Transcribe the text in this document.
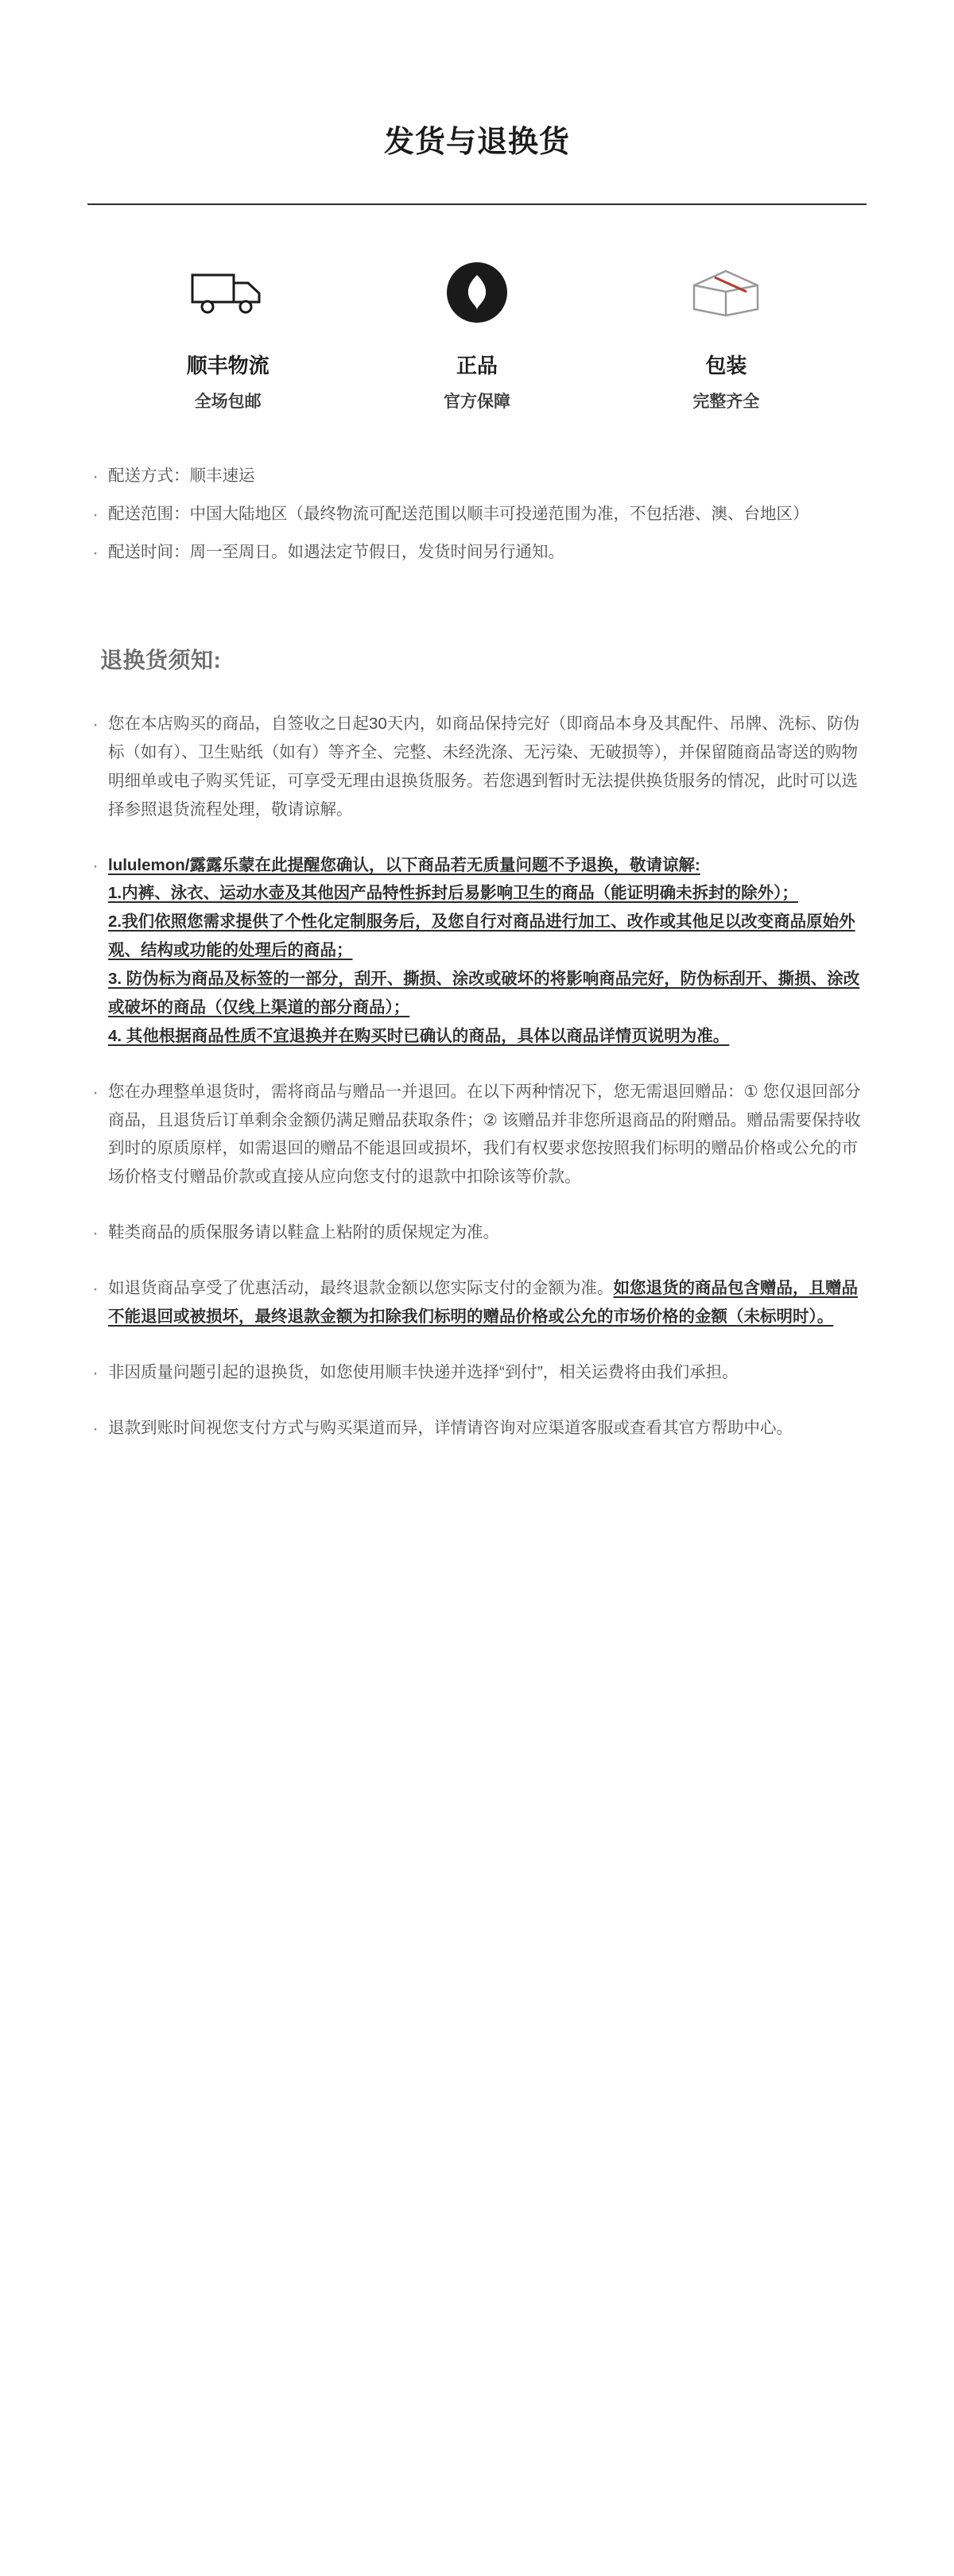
发货与退换货
顺丰物流
全场包邮
正品
官方保障
包装
完整齐全
· 配送方式：顺丰速运
· 配送范围：中国大陆地区（最终物流可配送范围以顺丰可投递范围为准，不包括港、澳、台地区）
· 配送时间：周一至周日。如遇法定节假日，发货时间另行通知。
退换货须知:
· 您在本店购买的商品，自签收之日起30天内，如商品保持完好（即商品本身及其配件、吊牌、洗标、防伪标（如有）、卫生贴纸（如有）等齐全、完整、未经洗涤、无污染、无破损等），并保留随商品寄送的购物明细单或电子购买凭证，可享受无理由退换货服务。若您遇到暂时无法提供换货服务的情况，此时可以选择参照退货流程处理，敬请谅解。
· lululemon/露露乐蒙在此提醒您确认，以下商品若无质量问题不予退换，敬请谅解:
1.内裤、泳衣、运动水壶及其他因产品特性拆封后易影响卫生的商品（能证明确未拆封的除外）；
2.我们依照您需求提供了个性化定制服务后，及您自行对商品进行加工、改作或其他足以改变商品原始外观、结构或功能的处理后的商品；
3. 防伪标为商品及标签的一部分，刮开、撕损、涂改或破坏的将影响商品完好，防伪标刮开、撕损、涂改或破坏的商品（仅线上渠道的部分商品）；
4. 其他根据商品性质不宜退换并在购买时已确认的商品，具体以商品详情页说明为准。
· 您在办理整单退货时，需将商品与赠品一并退回。在以下两种情况下，您无需退回赠品：① 您仅退回部分商品，且退货后订单剩余金额仍满足赠品获取条件；② 该赠品并非您所退商品的附赠品。赠品需要保持收到时的原质原样，如需退回的赠品不能退回或损坏，我们有权要求您按照我们标明的赠品价格或公允的市场价格支付赠品价款或直接从应向您支付的退款中扣除该等价款。
· 鞋类商品的质保服务请以鞋盒上粘附的质保规定为准。
· 如退货商品享受了优惠活动，最终退款金额以您实际支付的金额为准。如您退货的商品包含赠品，且赠品不能退回或被损坏，最终退款金额为扣除我们标明的赠品价格或公允的市场价格的金额（未标明时）。
· 非因质量问题引起的退换货，如您使用顺丰快递并选择“到付”，相关运费将由我们承担。
· 退款到账时间视您支付方式与购买渠道而异，详情请咨询对应渠道客服或查看其官方帮助中心。
